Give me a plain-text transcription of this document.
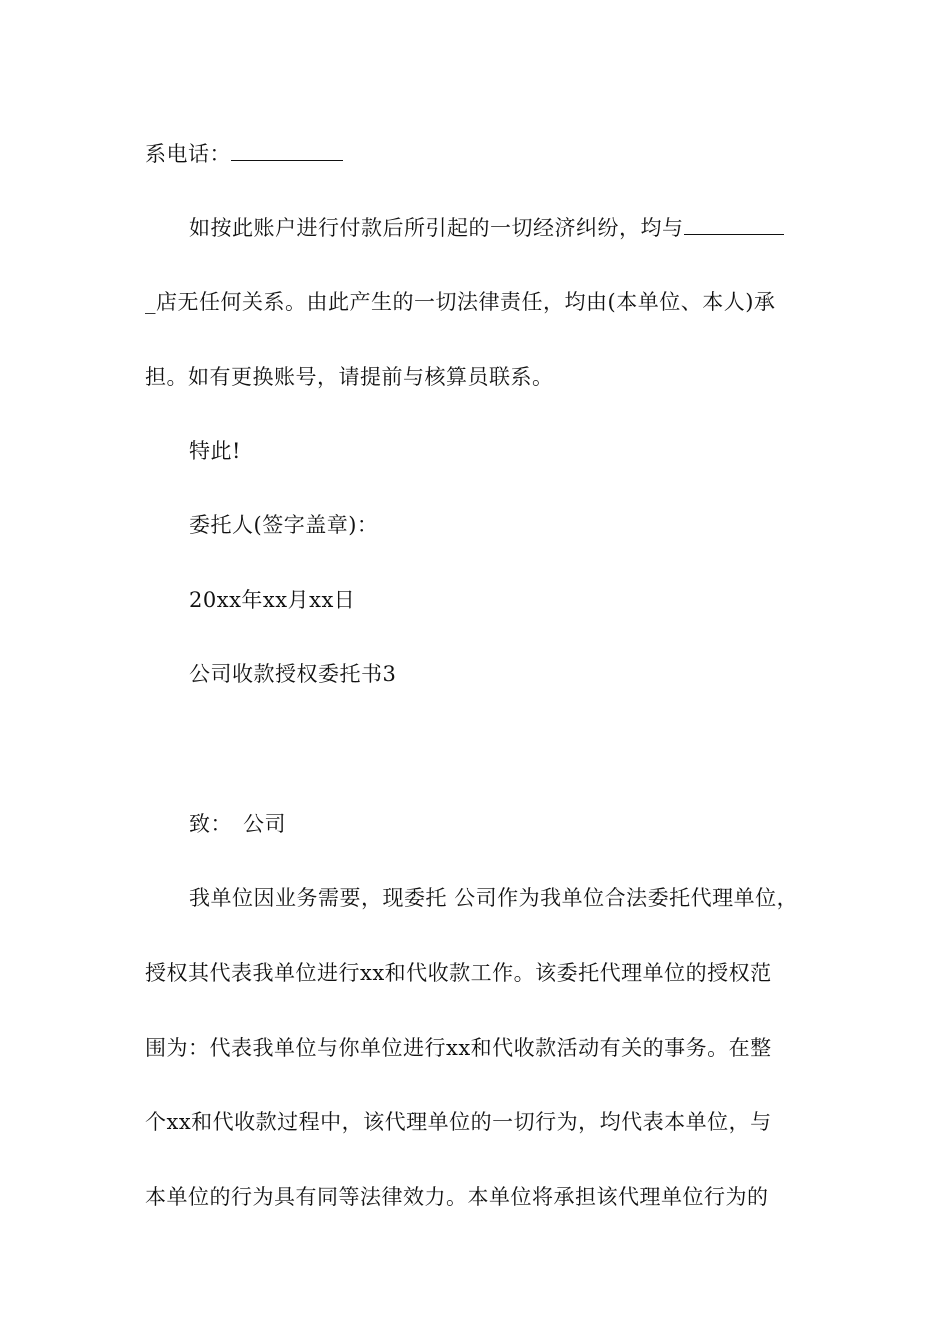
系电话：
如按此账户进行付款后所引起的一切经济纠纷，均与
_店无任何关系。由此产生的一切法律责任，均由(本单位、本人)承
担。如有更换账号，请提前与核算员联系。
特此!
委托人(签字盖章)：
20xx年xx月xx日
公司收款授权委托书3
致：　公司
我单位因业务需要，现委托 公司作为我单位合法委托代理单位，
授权其代表我单位进行xx和代收款工作。该委托代理单位的授权范
围为：代表我单位与你单位进行xx和代收款活动有关的事务。在整
个xx和代收款过程中，该代理单位的一切行为，均代表本单位，与
本单位的行为具有同等法律效力。本单位将承担该代理单位行为的
